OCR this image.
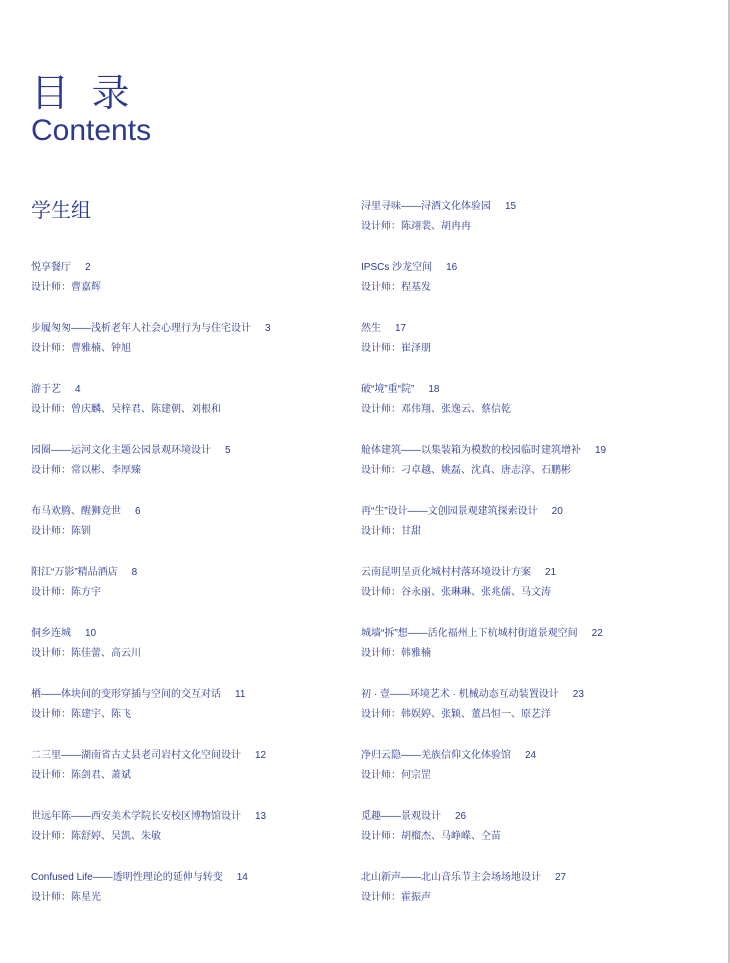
目 录
Contents
学生组
悦享餐厅 2
设计师：曹嘉辉
步履匆匆——浅析老年人社会心理行为与住宅设计 3
设计师：曹雅楠、钟旭
游于艺 4
设计师：曾庆麟、吴梓君、陈建朝、刘根和
园圈——运河文化主题公园景观环境设计 5
设计师：常以彬、李厚臻
布马欢腾、醒狮竞世 6
设计师：陈钏
阳江“万影”精品酒店 8
设计师：陈方宇
侗乡连城 10
设计师：陈佳蕾、高云川
栖——体块间的变形穿插与空间的交互对话 11
设计师：陈建宇、陈飞
二三里——湖南省古丈县老司岩村文化空间设计 12
设计师：陈剑君、萧斌
世远年陈——西安美术学院长安校区博物馆设计 13
设计师：陈舒婷、吴凯、朱敏
Confused Life——透明性理论的延伸与转变 14
设计师：陈星光
浔里寻味——浔酒文化体验园 15
设计师：陈翊裴、胡冉冉
IPSCs 沙龙空间 16
设计师：程基发
然生 17
设计师：崔泽朋
破“境”重“院” 18
设计师：邓伟翔、张逸云、蔡信乾
舱体建筑——以集装箱为模数的校园临时建筑增补 19
设计师：刁卓越、姚磊、沈真、唐志淳、石鹏彬
再“生”设计——文创园景观建筑探索设计 20
设计师：甘甜
云南昆明呈贡化城村村落环境设计方案 21
设计师：谷永丽、张琳琳、张兆儒、马文涛
城墙“拆”想——活化福州上下杭城村街道景观空间 22
设计师：韩雅楠
初 · 壹——环境艺术 · 机械动态互动装置设计 23
设计师：韩娱婷、张颖、董昌恒一、原艺洋
净归云隐——羌族信仰文化体验馆 24
设计师：何宗罡
觅趣——景观设计 26
设计师：胡榴杰、马峥嵘、仝苗
北山新声——北山音乐节主会场场地设计 27
设计师：霍振声
